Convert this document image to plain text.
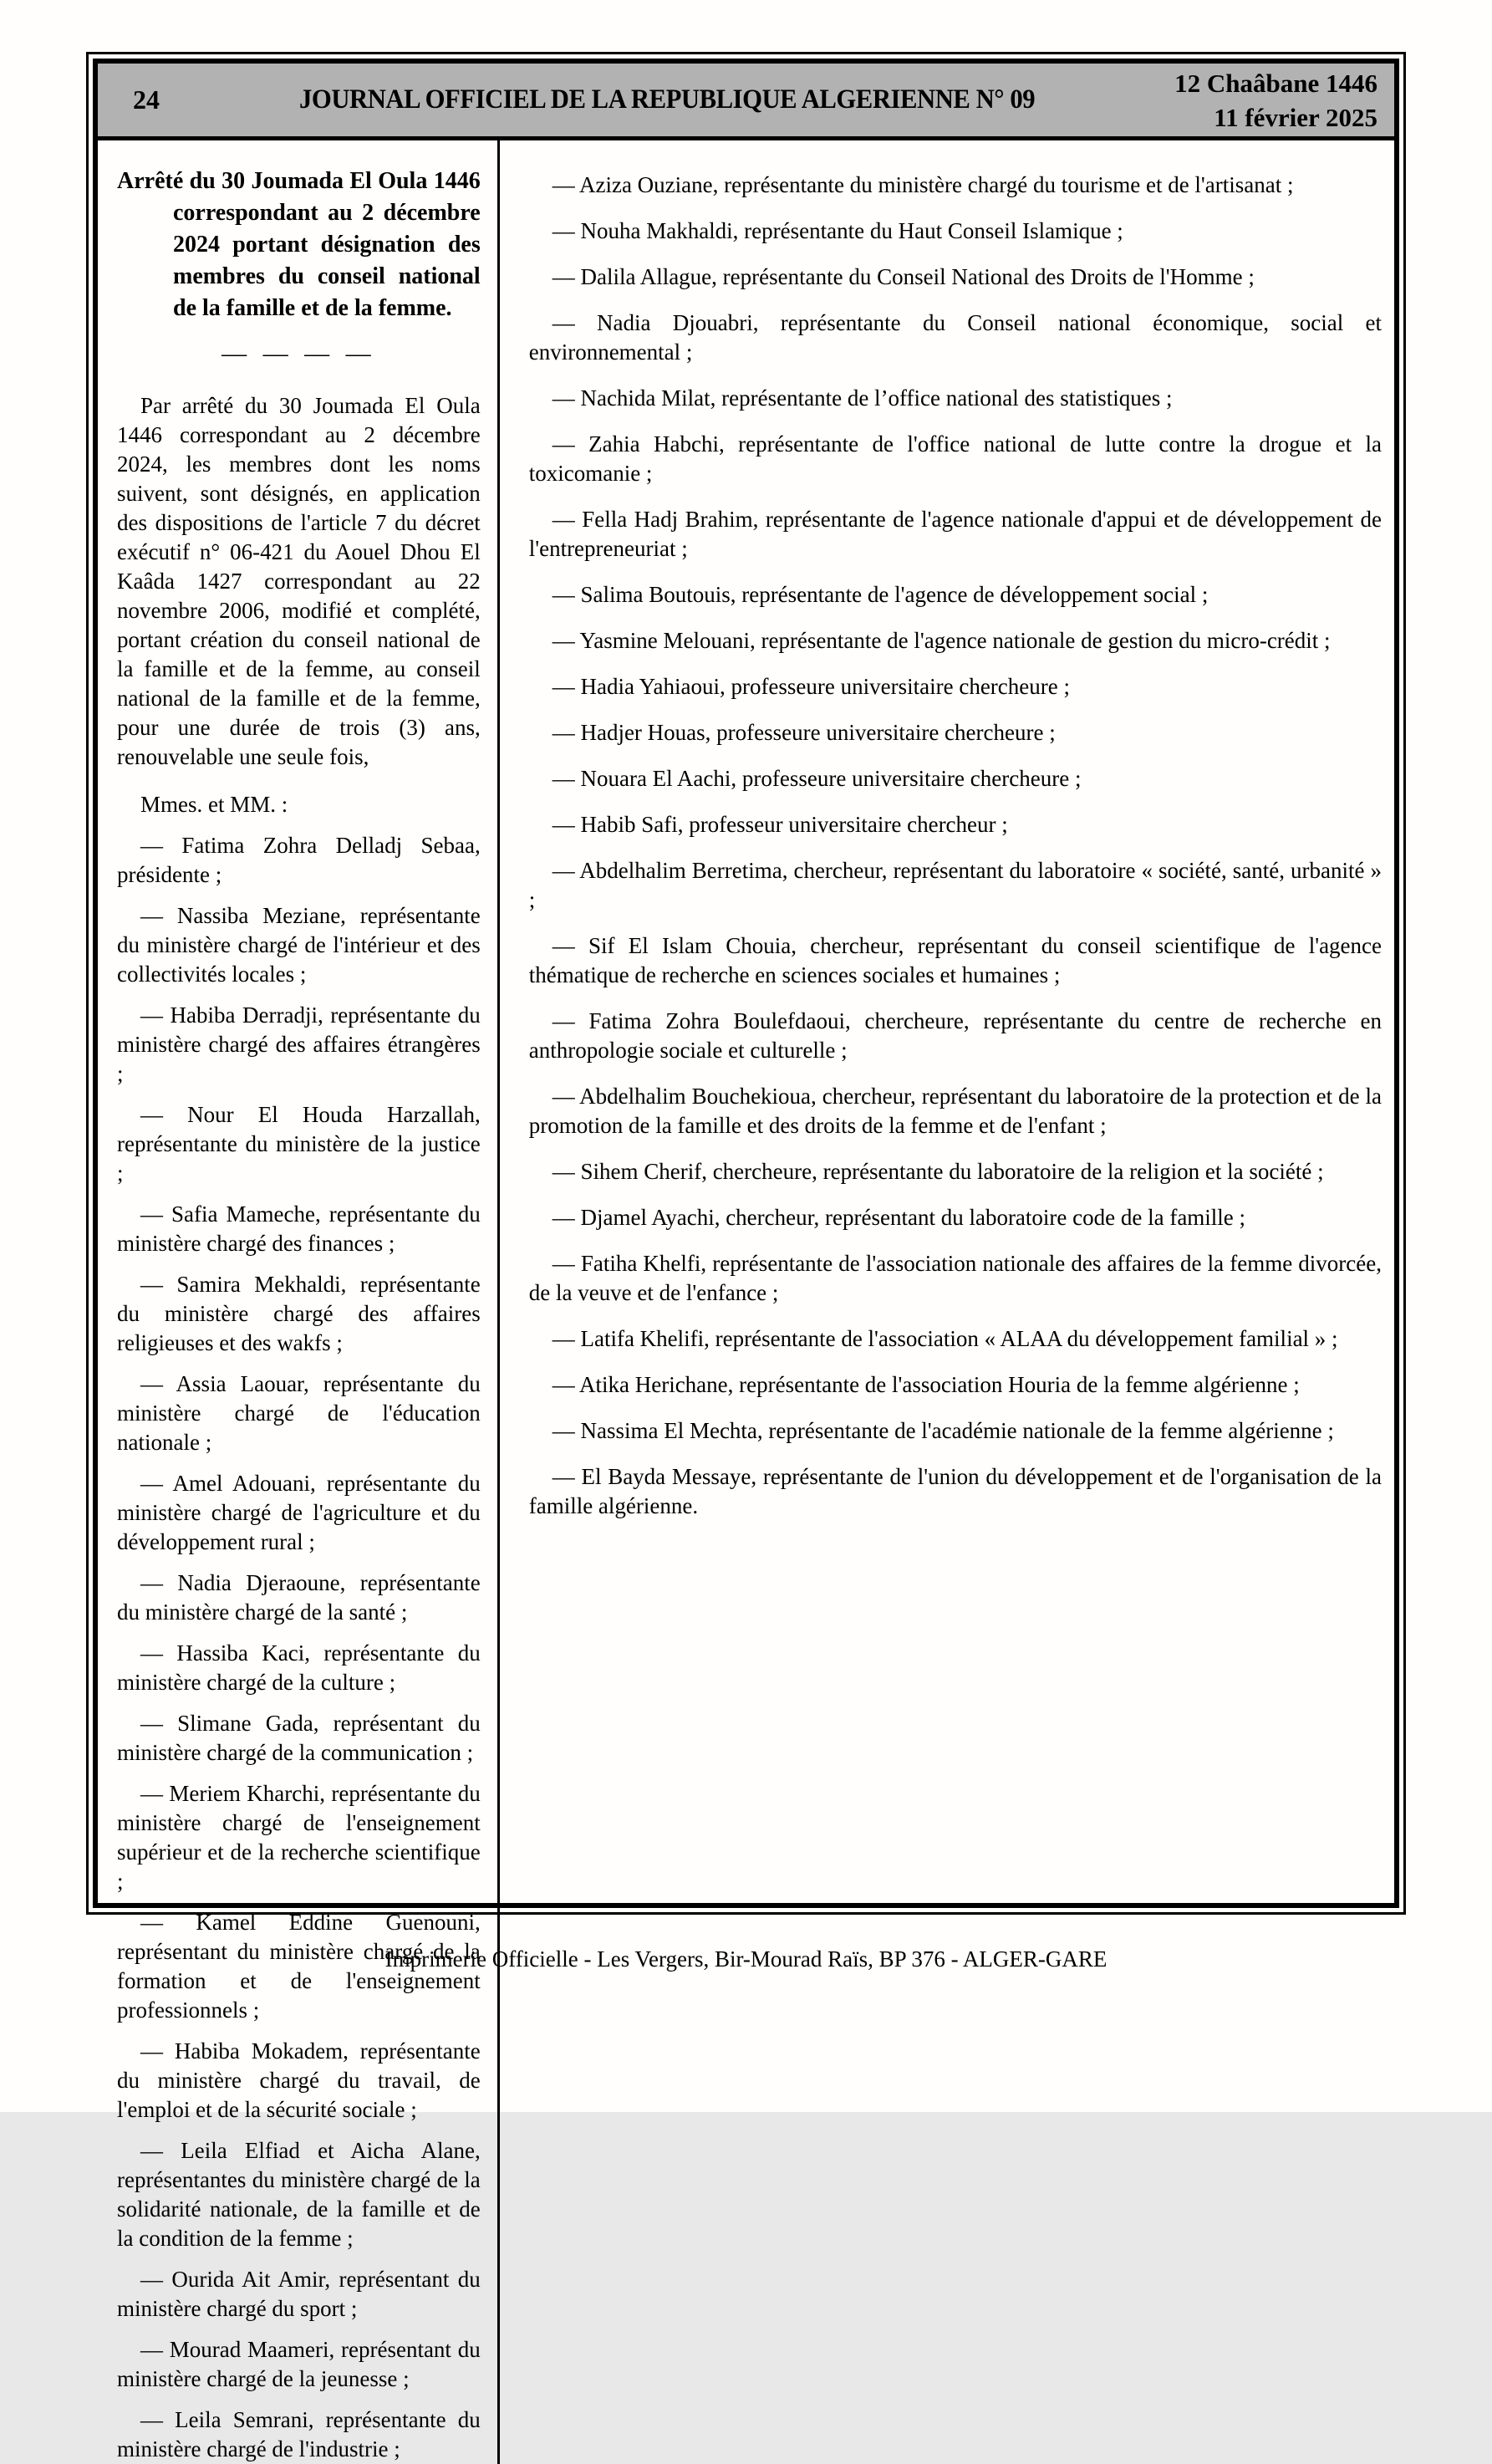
24	JOURNAL OFFICIEL DE LA REPUBLIQUE ALGERIENNE N° 09
12 Chaâbane 1446
11 février 2025

Arrêté du 30 Joumada El Oula 1446 correspondant au 2 décembre 2024 portant désignation des membres du conseil national de la famille et de la femme.

— — — —

Par arrêté du 30 Joumada El Oula 1446 correspondant au 2 décembre 2024, les membres dont les noms suivent, sont désignés, en application des dispositions de l'article 7 du décret exécutif n° 06-421 du Aouel Dhou El Kaâda 1427 correspondant au 22 novembre 2006, modifié et complété, portant création du conseil national de la famille et de la femme, au conseil national de la famille et de la femme, pour une durée de trois (3) ans, renouvelable une seule fois,

Mmes. et MM. :

— Fatima Zohra Delladj Sebaa, présidente ;

— Nassiba Meziane, représentante du ministère chargé de l'intérieur et des collectivités locales ;

— Habiba Derradji, représentante du ministère chargé des affaires étrangères ;

— Nour El Houda Harzallah, représentante du ministère de la justice ;

— Safia Mameche, représentante du ministère chargé des finances ;

— Samira Mekhaldi, représentante du ministère chargé des affaires religieuses et des wakfs ;

— Assia Laouar, représentante du ministère chargé de l'éducation nationale ;

— Amel Adouani, représentante du ministère chargé de l'agriculture et du développement rural ;

— Nadia Djeraoune, représentante du ministère chargé de la santé ;

— Hassiba Kaci, représentante du ministère chargé de la culture ;

— Slimane Gada, représentant du ministère chargé de la communication ;

— Meriem Kharchi, représentante du ministère chargé de l'enseignement supérieur et de la recherche scientifique ;

— Kamel Eddine Guenouni, représentant du ministère chargé de la formation et de l'enseignement professionnels ;

— Habiba Mokadem, représentante du ministère chargé du travail, de l'emploi et de la sécurité sociale ;

— Leila Elfiad et Aicha Alane, représentantes du ministère chargé de la solidarité nationale, de la famille et de la condition de la femme ;

— Ourida Ait Amir, représentant du ministère chargé du sport ;

— Mourad Maameri, représentant du ministère chargé de la jeunesse ;

— Leila Semrani, représentante du ministère chargé de l'industrie ;

— Aziza Ouziane, représentante du ministère chargé du tourisme et de l'artisanat ;

— Nouha Makhaldi, représentante du Haut Conseil Islamique ;

— Dalila Allague, représentante du Conseil National des Droits de l'Homme ;

— Nadia Djouabri, représentante du Conseil national économique, social et environnemental ;

— Nachida Milat, représentante de l’office national des statistiques ;

— Zahia Habchi, représentante de l'office national de lutte contre la drogue et la toxicomanie ;

— Fella Hadj Brahim, représentante de l'agence nationale d'appui et de développement de l'entrepreneuriat ;

— Salima Boutouis, représentante de l'agence de développement social ;

— Yasmine Melouani, représentante de l'agence nationale de gestion du micro-crédit ;

— Hadia Yahiaoui, professeure universitaire chercheure ;

— Hadjer Houas, professeure universitaire chercheure ;

— Nouara El Aachi, professeure universitaire chercheure ;

— Habib Safi, professeur universitaire chercheur ;

— Abdelhalim Berretima, chercheur, représentant du laboratoire « société, santé, urbanité » ;

— Sif El Islam Chouia, chercheur, représentant du conseil scientifique de l'agence thématique de recherche en sciences sociales et humaines ;

— Fatima Zohra Boulefdaoui, chercheure, représentante du centre de recherche en anthropologie sociale et culturelle ;

— Abdelhalim Bouchekioua, chercheur, représentant du laboratoire de la protection et de la promotion de la famille et des droits de la femme et de l'enfant ;

— Sihem Cherif, chercheure, représentante du laboratoire de la religion et la société ;

— Djamel Ayachi, chercheur, représentant du laboratoire code de la famille ;

— Fatiha Khelfi, représentante de l'association nationale des affaires de la femme divorcée, de la veuve et de l'enfance ;

— Latifa Khelifi, représentante de l'association « ALAA du développement familial » ;

— Atika Herichane, représentante de l'association Houria de la femme algérienne ;

— Nassima El Mechta, représentante de l'académie nationale de la femme algérienne ;

— El Bayda Messaye, représentante de l'union du développement et de l'organisation de la famille algérienne.

Imprimerie Officielle - Les Vergers, Bir-Mourad Raïs, BP 376 - ALGER-GARE
